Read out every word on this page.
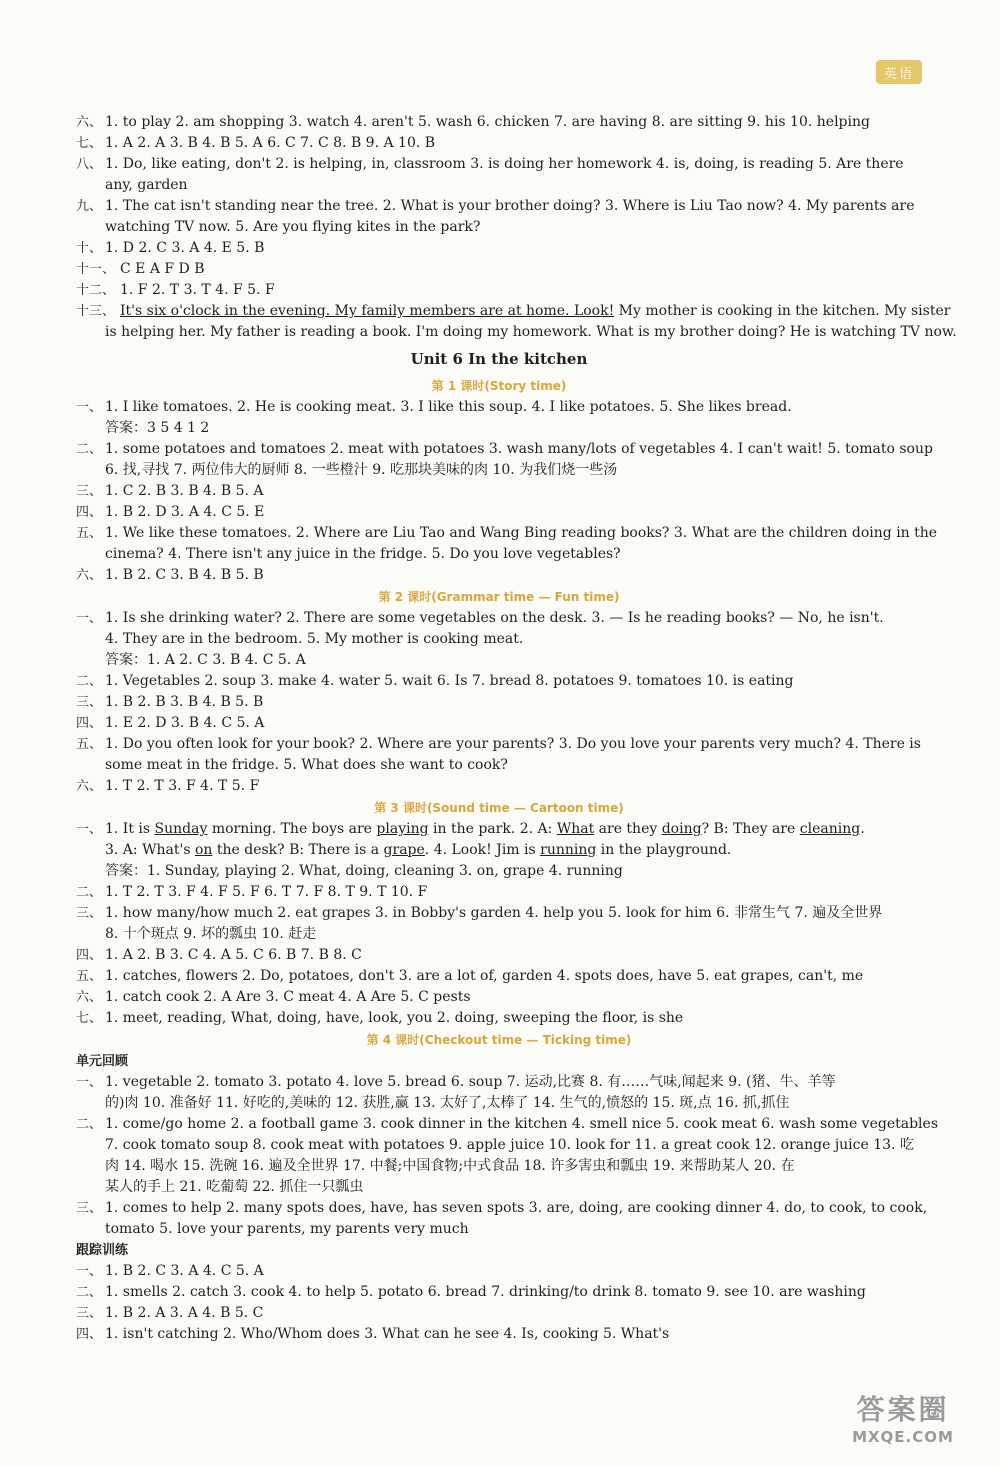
英语
六、 1. to play 2. am shopping 3. watch 4. aren't 5. wash 6. chicken 7. are having 8. are sitting 9. his 10. helping
七、 1. A 2. A 3. B 4. B 5. A 6. C 7. C 8. B 9. A 10. B
八、 1. Do, like eating, don't 2. is helping, in, classroom 3. is doing her homework 4. is, doing, is reading 5. Are there
any, garden
九、 1. The cat isn't standing near the tree. 2. What is your brother doing? 3. Where is Liu Tao now? 4. My parents are
watching TV now. 5. Are you flying kites in the park?
十、 1. D 2. C 3. A 4. E 5. B
十一、 C E A F D B
十二、 1. F 2. T 3. T 4. F 5. F
十三、 It's six o'clock in the evening. My family members are at home. Look! My mother is cooking in the kitchen. My sister
is helping her. My father is reading a book. I'm doing my homework. What is my brother doing? He is watching TV now.
Unit 6 In the kitchen
第 1 课时(Story time)
一、 1. I like tomatoes. 2. He is cooking meat. 3. I like this soup. 4. I like potatoes. 5. She likes bread.
答案：3 5 4 1 2
二、 1. some potatoes and tomatoes 2. meat with potatoes 3. wash many/lots of vegetables 4. I can't wait! 5. tomato soup
6. 找,寻找 7. 两位伟大的厨师 8. 一些橙汁 9. 吃那块美味的肉 10. 为我们烧一些汤
三、 1. C 2. B 3. B 4. B 5. A
四、 1. B 2. D 3. A 4. C 5. E
五、 1. We like these tomatoes. 2. Where are Liu Tao and Wang Bing reading books? 3. What are the children doing in the
cinema? 4. There isn't any juice in the fridge. 5. Do you love vegetables?
六、 1. B 2. C 3. B 4. B 5. B
第 2 课时(Grammar time — Fun time)
一、 1. Is she drinking water? 2. There are some vegetables on the desk. 3. — Is he reading books? — No, he isn't.
4. They are in the bedroom. 5. My mother is cooking meat.
答案：1. A 2. C 3. B 4. C 5. A
二、 1. Vegetables 2. soup 3. make 4. water 5. wait 6. Is 7. bread 8. potatoes 9. tomatoes 10. is eating
三、 1. B 2. B 3. B 4. B 5. B
四、 1. E 2. D 3. B 4. C 5. A
五、 1. Do you often look for your book? 2. Where are your parents? 3. Do you love your parents very much? 4. There is
some meat in the fridge. 5. What does she want to cook?
六、 1. T 2. T 3. F 4. T 5. F
第 3 课时(Sound time — Cartoon time)
一、 1. It is Sunday morning. The boys are playing in the park. 2. A: What are they doing? B: They are cleaning.
3. A: What's on the desk? B: There is a grape. 4. Look! Jim is running in the playground.
答案：1. Sunday, playing 2. What, doing, cleaning 3. on, grape 4. running
二、 1. T 2. T 3. F 4. F 5. F 6. T 7. F 8. T 9. T 10. F
三、 1. how many/how much 2. eat grapes 3. in Bobby's garden 4. help you 5. look for him 6. 非常生气 7. 遍及全世界
8. 十个斑点 9. 坏的瓢虫 10. 赶走
四、 1. A 2. B 3. C 4. A 5. C 6. B 7. B 8. C
五、 1. catches, flowers 2. Do, potatoes, don't 3. are a lot of, garden 4. spots does, have 5. eat grapes, can't, me
六、 1. catch cook 2. A Are 3. C meat 4. A Are 5. C pests
七、 1. meet, reading, What, doing, have, look, you 2. doing, sweeping the floor, is she
第 4 课时(Checkout time — Ticking time)
单元回顾
一、 1. vegetable 2. tomato 3. potato 4. love 5. bread 6. soup 7. 运动,比赛 8. 有……气味,闻起来 9. (猪、牛、羊等
的)肉 10. 准备好 11. 好吃的,美味的 12. 获胜,赢 13. 太好了,太棒了 14. 生气的,愤怒的 15. 斑,点 16. 抓,抓住
二、 1. come/go home 2. a football game 3. cook dinner in the kitchen 4. smell nice 5. cook meat 6. wash some vegetables
7. cook tomato soup 8. cook meat with potatoes 9. apple juice 10. look for 11. a great cook 12. orange juice 13. 吃
肉 14. 喝水 15. 洗碗 16. 遍及全世界 17. 中餐;中国食物;中式食品 18. 许多害虫和瓢虫 19. 来帮助某人 20. 在
某人的手上 21. 吃葡萄 22. 抓住一只瓢虫
三、 1. comes to help 2. many spots does, have, has seven spots 3. are, doing, are cooking dinner 4. do, to cook, to cook,
tomato 5. love your parents, my parents very much
跟踪训练
一、 1. B 2. C 3. A 4. C 5. A
二、 1. smells 2. catch 3. cook 4. to help 5. potato 6. bread 7. drinking/to drink 8. tomato 9. see 10. are washing
三、 1. B 2. A 3. A 4. B 5. C
四、 1. isn't catching 2. Who/Whom does 3. What can he see 4. Is, cooking 5. What's
答案圈
MXQE.COM
